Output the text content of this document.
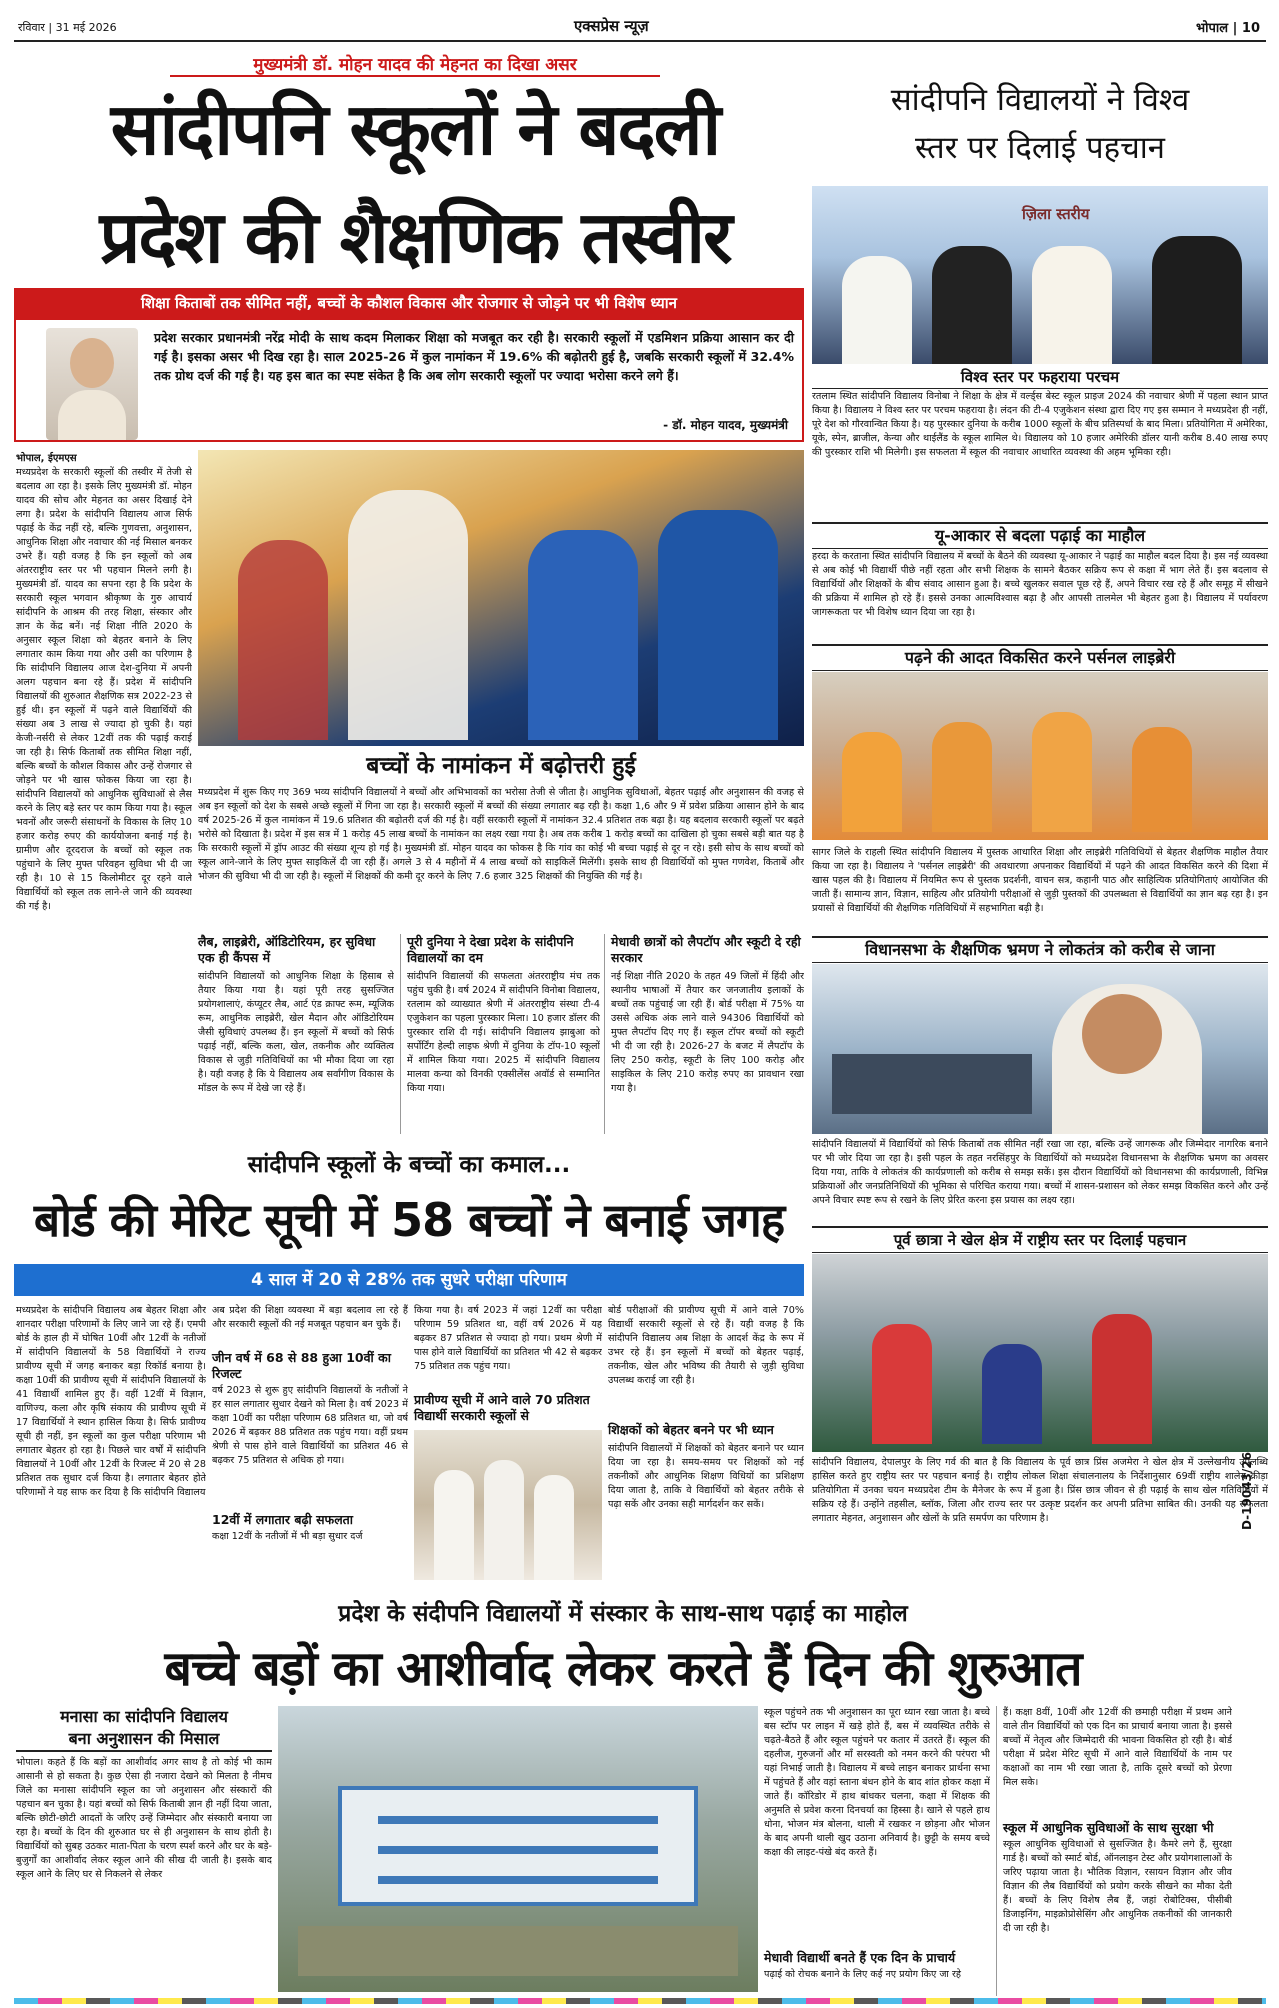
रविवार | 31 मई 2026	एक्सप्रेस न्यूज़	भोपाल | 10
मुख्यमंत्री डॉ. मोहन यादव की मेहनत का दिखा असर
सांदीपनि स्कूलों ने बदली
प्रदेश की शैक्षणिक तस्वीर
शिक्षा किताबों तक सीमित नहीं, बच्चों के कौशल विकास और रोजगार से जोड़ने पर भी विशेष ध्यान
प्रदेश सरकार प्रधानमंत्री नरेंद्र मोदी के साथ कदम मिलाकर शिक्षा को मजबूत कर रही है। सरकारी स्कूलों में एडमिशन प्रक्रिया आसान कर दी गई है। इसका असर भी दिख रहा है। साल 2025-26 में कुल नामांकन में 19.6% की बढ़ोतरी हुई है, जबकि सरकारी स्कूलों में 32.4% तक ग्रोथ दर्ज की गई है। यह इस बात का स्पष्ट संकेत है कि अब लोग सरकारी स्कूलों पर ज्यादा भरोसा करने लगे हैं।
- डॉ. मोहन यादव, मुख्यमंत्री
भोपाल, ईएमएस
मध्यप्रदेश के सरकारी स्कूलों की तस्वीर में तेजी से बदलाव आ रहा है। इसके लिए मुख्यमंत्री डॉ. मोहन यादव की सोच और मेहनत का असर दिखाई देने लगा है। प्रदेश के सांदीपनि विद्यालय आज सिर्फ पढ़ाई के केंद्र नहीं रहे, बल्कि गुणवत्ता, अनुशासन, आधुनिक शिक्षा और नवाचार की नई मिसाल बनकर उभरे हैं। यही वजह है कि इन स्कूलों को अब अंतरराष्ट्रीय स्तर पर भी पहचान मिलने लगी है। मुख्यमंत्री डॉ. यादव का सपना रहा है कि प्रदेश के सरकारी स्कूल भगवान श्रीकृष्ण के गुरु आचार्य सांदीपनि के आश्रम की तरह शिक्षा, संस्कार और ज्ञान के केंद्र बनें। नई शिक्षा नीति 2020 के अनुसार स्कूल शिक्षा को बेहतर बनाने के लिए लगातार काम किया गया और उसी का परिणाम है कि सांदीपनि विद्यालय आज देश-दुनिया में अपनी अलग पहचान बना रहे हैं। प्रदेश में सांदीपनि विद्यालयों की शुरुआत शैक्षणिक सत्र 2022-23 से हुई थी। इन स्कूलों में पढ़ने वाले विद्यार्थियों की संख्या अब 3 लाख से ज्यादा हो चुकी है। यहां केजी-नर्सरी से लेकर 12वीं तक की पढ़ाई कराई जा रही है। सिर्फ किताबों तक सीमित शिक्षा नहीं, बल्कि बच्चों के कौशल विकास और उन्हें रोजगार से जोड़ने पर भी खास फोकस किया जा रहा है। सांदीपनि विद्यालयों को आधुनिक सुविधाओं से लैस करने के लिए बड़े स्तर पर काम किया गया है। स्कूल भवनों और जरूरी संसाधनों के विकास के लिए 10 हजार करोड़ रुपए की कार्ययोजना बनाई गई है। ग्रामीण और दूरदराज के बच्चों को स्कूल तक पहुंचाने के लिए मुफ्त परिवहन सुविधा भी दी जा रही है। 10 से 15 किलोमीटर दूर रहने वाले विद्यार्थियों को स्कूल तक लाने-ले जाने की व्यवस्था की गई है।
बच्चों के नामांकन में बढ़ोत्तरी हुई
मध्यप्रदेश में शुरू किए गए 369 भव्य सांदीपनि विद्यालयों ने बच्चों और अभिभावकों का भरोसा तेजी से जीता है। आधुनिक सुविधाओं, बेहतर पढ़ाई और अनुशासन की वजह से अब इन स्कूलों को देश के सबसे अच्छे स्कूलों में गिना जा रहा है। सरकारी स्कूलों में बच्चों की संख्या लगातार बढ़ रही है। कक्षा 1,6 और 9 में प्रवेश प्रक्रिया आसान होने के बाद वर्ष 2025-26 में कुल नामांकन में 19.6 प्रतिशत की बढ़ोतरी दर्ज की गई है। वहीं सरकारी स्कूलों में नामांकन 32.4 प्रतिशत तक बढ़ा है। यह बदलाव सरकारी स्कूलों पर बढ़ते भरोसे को दिखाता है। प्रदेश में इस सत्र में 1 करोड़ 45 लाख बच्चों के नामांकन का लक्ष्य रखा गया है। अब तक करीब 1 करोड़ बच्चों का दाखिला हो चुका सबसे बड़ी बात यह है कि सरकारी स्कूलों में ड्रॉप आउट की संख्या शून्य हो गई है। मुख्यमंत्री डॉ. मोहन यादव का फोकस है कि गांव का कोई भी बच्चा पढ़ाई से दूर न रहे। इसी सोच के साथ बच्चों को स्कूल आने-जाने के लिए मुफ्त साइकिलें दी जा रही हैं। अगले 3 से 4 महीनों में 4 लाख बच्चों को साइकिलें मिलेंगी। इसके साथ ही विद्यार्थियों को मुफ्त गणवेश, किताबें और भोजन की सुविधा भी दी जा रही है। स्कूलों में शिक्षकों की कमी दूर करने के लिए 7.6 हजार 325 शिक्षकों की नियुक्ति की गई है।
लैब, लाइब्रेरी, ऑडिटोरियम, हर सुविधा एक ही कैंपस में
सांदीपनि विद्यालयों को आधुनिक शिक्षा के हिसाब से तैयार किया गया है। यहां पूरी तरह सुसज्जित प्रयोगशालाएं, कंप्यूटर लैब, आर्ट एंड क्राफ्ट रूम, म्यूजिक रूम, आधुनिक लाइब्रेरी, खेल मैदान और ऑडिटोरियम जैसी सुविधाएं उपलब्ध हैं। इन स्कूलों में बच्चों को सिर्फ पढ़ाई नहीं, बल्कि कला, खेल, तकनीक और व्यक्तित्व विकास से जुड़ी गतिविधियों का भी मौका दिया जा रहा है। यही वजह है कि ये विद्यालय अब सर्वांगीण विकास के मॉडल के रूप में देखे जा रहे हैं।
पूरी दुनिया ने देखा प्रदेश के सांदीपनि विद्यालयों का दम
सांदीपनि विद्यालयों की सफलता अंतरराष्ट्रीय मंच तक पहुंच चुकी है। वर्ष 2024 में सांदीपनि विनोबा विद्यालय, रतलाम को व्याख्यात श्रेणी में अंतरराष्ट्रीय संस्था टी-4 एजुकेशन का पहला पुरस्कार मिला। 10 हजार डॉलर की पुरस्कार राशि दी गई। सांदीपनि विद्यालय झाबुआ को सर्पोर्टिंग हेल्दी लाइफ श्रेणी में दुनिया के टॉप-10 स्कूलों में शामिल किया गया। 2025 में सांदीपनि विद्यालय मालवा कन्या को विनकी एक्सीलेंस अवॉर्ड से सम्मानित किया गया।
मेधावी छात्रों को लैपटॉप और स्कूटी दे रही सरकार
नई शिक्षा नीति 2020 के तहत 49 जिलों में हिंदी और स्थानीय भाषाओं में तैयार कर जनजातीय इलाकों के बच्चों तक पहुंचाई जा रही हैं। बोर्ड परीक्षा में 75% या उससे अधिक अंक लाने वाले 94306 विद्यार्थियों को मुफ्त लैपटॉप दिए गए हैं। स्कूल टॉपर बच्चों को स्कूटी भी दी जा रही है। 2026-27 के बजट में लैपटॉप के लिए 250 करोड़, स्कूटी के लिए 100 करोड़ और साइकिल के लिए 210 करोड़ रुपए का प्रावधान रखा गया है।
सांदीपनि विद्यालयों ने विश्व
स्तर पर दिलाई पहचान
ज़िला स्तरीय
विश्व स्तर पर फहराया परचम
रतलाम स्थित सांदीपनि विद्यालय विनोबा ने शिक्षा के क्षेत्र में वर्ल्ड्स बेस्ट स्कूल प्राइज 2024 की नवाचार श्रेणी में पहला स्थान प्राप्त किया है। विद्यालय ने विश्व स्तर पर परचम फहराया है। लंदन की टी-4 एजुकेशन संस्था द्वारा दिए गए इस सम्मान ने मध्यप्रदेश ही नहीं, पूरे देश को गौरवान्वित किया है। यह पुरस्कार दुनिया के करीब 1000 स्कूलों के बीच प्रतिस्पर्धा के बाद मिला। प्रतियोगिता में अमेरिका, यूके, स्पेन, ब्राजील, केन्या और थाईलैंड के स्कूल शामिल थे। विद्यालय को 10 हजार अमेरिकी डॉलर यानी करीब 8.40 लाख रुपए की पुरस्कार राशि भी मिलेगी। इस सफलता में स्कूल की नवाचार आधारित व्यवस्था की अहम भूमिका रही।
यू-आकार से बदला पढ़ाई का माहौल
हरदा के करताना स्थित सांदीपनि विद्यालय में बच्चों के बैठने की व्यवस्था यू-आकार ने पढ़ाई का माहौल बदल दिया है। इस नई व्यवस्था से अब कोई भी विद्यार्थी पीछे नहीं रहता और सभी शिक्षक के सामने बैठकर सक्रिय रूप से कक्षा में भाग लेते हैं। इस बदलाव से विद्यार्थियों और शिक्षकों के बीच संवाद आसान हुआ है। बच्चे खुलकर सवाल पूछ रहे हैं, अपने विचार रख रहे हैं और समूह में सीखने की प्रक्रिया में शामिल हो रहे हैं। इससे उनका आत्मविश्वास बढ़ा है और आपसी तालमेल भी बेहतर हुआ है। विद्यालय में पर्यावरण जागरूकता पर भी विशेष ध्यान दिया जा रहा है।
पढ़ने की आदत विकसित करने पर्सनल लाइब्रेरी
सागर जिले के राहली स्थित सांदीपनि विद्यालय में पुस्तक आधारित शिक्षा और लाइब्रेरी गतिविधियों से बेहतर शैक्षणिक माहौल तैयार किया जा रहा है। विद्यालय ने 'पर्सनल लाइब्रेरी' की अवधारणा अपनाकर विद्यार्थियों में पढ़ने की आदत विकसित करने की दिशा में खास पहल की है। विद्यालय में नियमित रूप से पुस्तक प्रदर्शनी, वाचन सत्र, कहानी पाठ और साहित्यिक प्रतियोगिताएं आयोजित की जाती हैं। सामान्य ज्ञान, विज्ञान, साहित्य और प्रतियोगी परीक्षाओं से जुड़ी पुस्तकों की उपलब्धता से विद्यार्थियों का ज्ञान बढ़ रहा है। इन प्रयासों से विद्यार्थियों की शैक्षणिक गतिविधियों में सहभागिता बढ़ी है।
विधानसभा के शैक्षणिक भ्रमण ने लोकतंत्र को करीब से जाना
सांदीपनि विद्यालयों में विद्यार्थियों को सिर्फ किताबों तक सीमित नहीं रखा जा रहा, बल्कि उन्हें जागरूक और जिम्मेदार नागरिक बनाने पर भी जोर दिया जा रहा है। इसी पहल के तहत नरसिंहपुर के विद्यार्थियों को मध्यप्रदेश विधानसभा के शैक्षणिक भ्रमण का अवसर दिया गया, ताकि वे लोकतंत्र की कार्यप्रणाली को करीब से समझ सकें। इस दौरान विद्यार्थियों को विधानसभा की कार्यप्रणाली, विभिन्न प्रक्रियाओं और जनप्रतिनिधियों की भूमिका से परिचित कराया गया। बच्चों में शासन-प्रशासन को लेकर समझ विकसित करने और उन्हें अपने विचार स्पष्ट रूप से रखने के लिए प्रेरित करना इस प्रयास का लक्ष्य रहा।
पूर्व छात्रा ने खेल क्षेत्र में राष्ट्रीय स्तर पर दिलाई पहचान
सांदीपनि विद्यालय, देपालपुर के लिए गर्व की बात है कि विद्यालय के पूर्व छात्र प्रिंस अजमेरा ने खेल क्षेत्र में उल्लेखनीय उपलब्धि हासिल करते हुए राष्ट्रीय स्तर पर पहचान बनाई है। राष्ट्रीय लोकल शिक्षा संचालनालय के निर्देशानुसार 69वीं राष्ट्रीय शालेय क्रीड़ा प्रतियोगिता में उनका चयन मध्यप्रदेश टीम के मैनेजर के रूप में हुआ है। प्रिंस छात्र जीवन से ही पढ़ाई के साथ खेल गतिविधियों में सक्रिय रहे हैं। उन्होंने तहसील, ब्लॉक, जिला और राज्य स्तर पर उत्कृष्ट प्रदर्शन कर अपनी प्रतिभा साबित की। उनकी यह सफलता लगातार मेहनत, अनुशासन और खेलों के प्रति समर्पण का परिणाम है।	D-19043/26
सांदीपनि स्कूलों के बच्चों का कमाल...
बोर्ड की मेरिट सूची में 58 बच्चों ने बनाई जगह
4 साल में 20 से 28% तक सुधरे परीक्षा परिणाम
मध्यप्रदेश के सांदीपनि विद्यालय अब बेहतर शिक्षा और शानदार परीक्षा परिणामों के लिए जाने जा रहे हैं। एमपी बोर्ड के हाल ही में घोषित 10वीं और 12वीं के नतीजों में सांदीपनि विद्यालयों के 58 विद्यार्थियों ने राज्य प्रावीण्य सूची में जगह बनाकर बड़ा रिकॉर्ड बनाया है। कक्षा 10वीं की प्रावीण्य सूची में सांदीपनि विद्यालयों के 41 विद्यार्थी शामिल हुए हैं। वहीं 12वीं में विज्ञान, वाणिज्य, कला और कृषि संकाय की प्रावीण्य सूची में 17 विद्यार्थियों ने स्थान हासिल किया है। सिर्फ प्रावीण्य सूची ही नहीं, इन स्कूलों का कुल परीक्षा परिणाम भी लगातार बेहतर हो रहा है। पिछले चार वर्षों में सांदीपनि विद्यालयों ने 10वीं और 12वीं के रिजल्ट में 20 से 28 प्रतिशत तक सुधार दर्ज किया है। लगातार बेहतर होते परिणामों ने यह साफ कर दिया है कि सांदीपनि विद्यालय
अब प्रदेश की शिक्षा व्यवस्था में बड़ा बदलाव ला रहे हैं और सरकारी स्कूलों की नई मजबूत पहचान बन चुके हैं।
जीन वर्ष में 68 से 88 हुआ 10वीं का रिजल्ट
वर्ष 2023 से शुरू हुए सांदीपनि विद्यालयों के नतीजों ने हर साल लगातार सुधार देखने को मिला है। वर्ष 2023 में कक्षा 10वीं का परीक्षा परिणाम 68 प्रतिशत था, जो वर्ष 2026 में बढ़कर 88 प्रतिशत तक पहुंच गया। वहीं प्रथम श्रेणी से पास होने वाले विद्यार्थियों का प्रतिशत 46 से बढ़कर 75 प्रतिशत से अधिक हो गया।
12वीं में लगातार बढ़ी सफलता
कक्षा 12वीं के नतीजों में भी बड़ा सुधार दर्ज
किया गया है। वर्ष 2023 में जहां 12वीं का परीक्षा परिणाम 59 प्रतिशत था, वहीं वर्ष 2026 में यह बढ़कर 87 प्रतिशत से ज्यादा हो गया। प्रथम श्रेणी में पास होने वाले विद्यार्थियों का प्रतिशत भी 42 से बढ़कर 75 प्रतिशत तक पहुंच गया।
प्रावीण्य सूची में आने वाले 70 प्रतिशत विद्यार्थी सरकारी स्कूलों से
बोर्ड परीक्षाओं की प्रावीण्य सूची में आने वाले 70% विद्यार्थी सरकारी स्कूलों से रहे हैं। यही वजह है कि सांदीपनि विद्यालय अब शिक्षा के आदर्श केंद्र के रूप में उभर रहे हैं। इन स्कूलों में बच्चों को बेहतर पढ़ाई, तकनीक, खेल और भविष्य की तैयारी से जुड़ी सुविधा उपलब्ध कराई जा रही है।
शिक्षकों को बेहतर बनने पर भी ध्यान
सांदीपनि विद्यालयों में शिक्षकों को बेहतर बनाने पर ध्यान दिया जा रहा है। समय-समय पर शिक्षकों को नई तकनीकों और आधुनिक शिक्षण विधियों का प्रशिक्षण दिया जाता है, ताकि वे विद्यार्थियों को बेहतर तरीके से पढ़ा सकें और उनका सही मार्गदर्शन कर सकें।
प्रदेश के संदीपनि विद्यालयों में संस्कार के साथ-साथ पढ़ाई का माहोल
बच्चे बड़ों का आशीर्वाद लेकर करते हैं दिन की शुरुआत
मनासा का सांदीपनि विद्यालय
बना अनुशासन की मिसाल
भोपाल। कहते हैं कि बड़ों का आशीर्वाद अगर साथ है तो कोई भी काम आसानी से हो सकता है। कुछ ऐसा ही नजारा देखने को मिलता है नीमच जिले का मनासा सांदीपनि स्कूल का जो अनुशासन और संस्कारों की पहचान बन चुका है। यहां बच्चों को सिर्फ किताबी ज्ञान ही नहीं दिया जाता, बल्कि छोटी-छोटी आदतों के जरिए उन्हें जिम्मेदार और संस्कारी बनाया जा रहा है। बच्चों के दिन की शुरुआत घर से ही अनुशासन के साथ होती है। विद्यार्थियों को सुबह उठकर माता-पिता के चरण स्पर्श करने और घर के बड़े-बुजुर्गों का आशीर्वाद लेकर स्कूल आने की सीख दी जाती है। इसके बाद स्कूल आने के लिए घर से निकलने से लेकर
स्कूल पहुंचने तक भी अनुशासन का पूरा ध्यान रखा जाता है। बच्चे बस स्टॉप पर लाइन में खड़े होते हैं, बस में व्यवस्थित तरीके से चढ़ते-बैठते हैं और स्कूल पहुंचने पर कतार में उतरते हैं। स्कूल की दहलीज, गुरुजनों और माँ सरस्वती को नमन करने की परंपरा भी यहां निभाई जाती है। विद्यालय में बच्चे लाइन बनाकर प्रार्थना सभा में पहुंचते हैं और वहां स्ताना बंधन होने के बाद शांत होकर कक्षा में जाते हैं। कॉरिडोर में हाथ बांधकर चलना, कक्षा में शिक्षक की अनुमति से प्रवेश करना दिनचर्या का हिस्सा है। खाने से पहले हाथ धोना, भोजन मंत्र बोलना, थाली में रखकर न छोड़ना और भोजन के बाद अपनी थाली खुद उठाना अनिवार्य है। छुट्टी के समय बच्चे कक्षा की लाइट-पंखे बंद करते हैं।
मेधावी विद्यार्थी बनते हैं एक दिन के प्राचार्य
पढ़ाई को रोचक बनाने के लिए कई नए प्रयोग किए जा रहे
हैं। कक्षा 8वीं, 10वीं और 12वीं की छमाही परीक्षा में प्रथम आने वाले तीन विद्यार्थियों को एक दिन का प्राचार्य बनाया जाता है। इससे बच्चों में नेतृत्व और जिम्मेदारी की भावना विकसित हो रही है। बोर्ड परीक्षा में प्रदेश मेरिट सूची में आने वाले विद्यार्थियों के नाम पर कक्षाओं का नाम भी रखा जाता है, ताकि दूसरे बच्चों को प्रेरणा मिल सके।
स्कूल में आधुनिक सुविधाओं के साथ सुरक्षा भी
स्कूल आधुनिक सुविधाओं से सुसज्जित है। कैमरे लगे हैं, सुरक्षा गार्ड है। बच्चों को स्मार्ट बोर्ड, ऑनलाइन टेस्ट और प्रयोगशालाओं के जरिए पढ़ाया जाता है। भौतिक विज्ञान, रसायन विज्ञान और जीव विज्ञान की लैब विद्यार्थियों को प्रयोग करके सीखने का मौका देती हैं। बच्चों के लिए विशेष लैब हैं, जहां रोबोटिक्स, पीसीबी डिजाइनिंग, माइक्रोप्रोसेसिंग और आधुनिक तकनीकों की जानकारी दी जा रही है।
